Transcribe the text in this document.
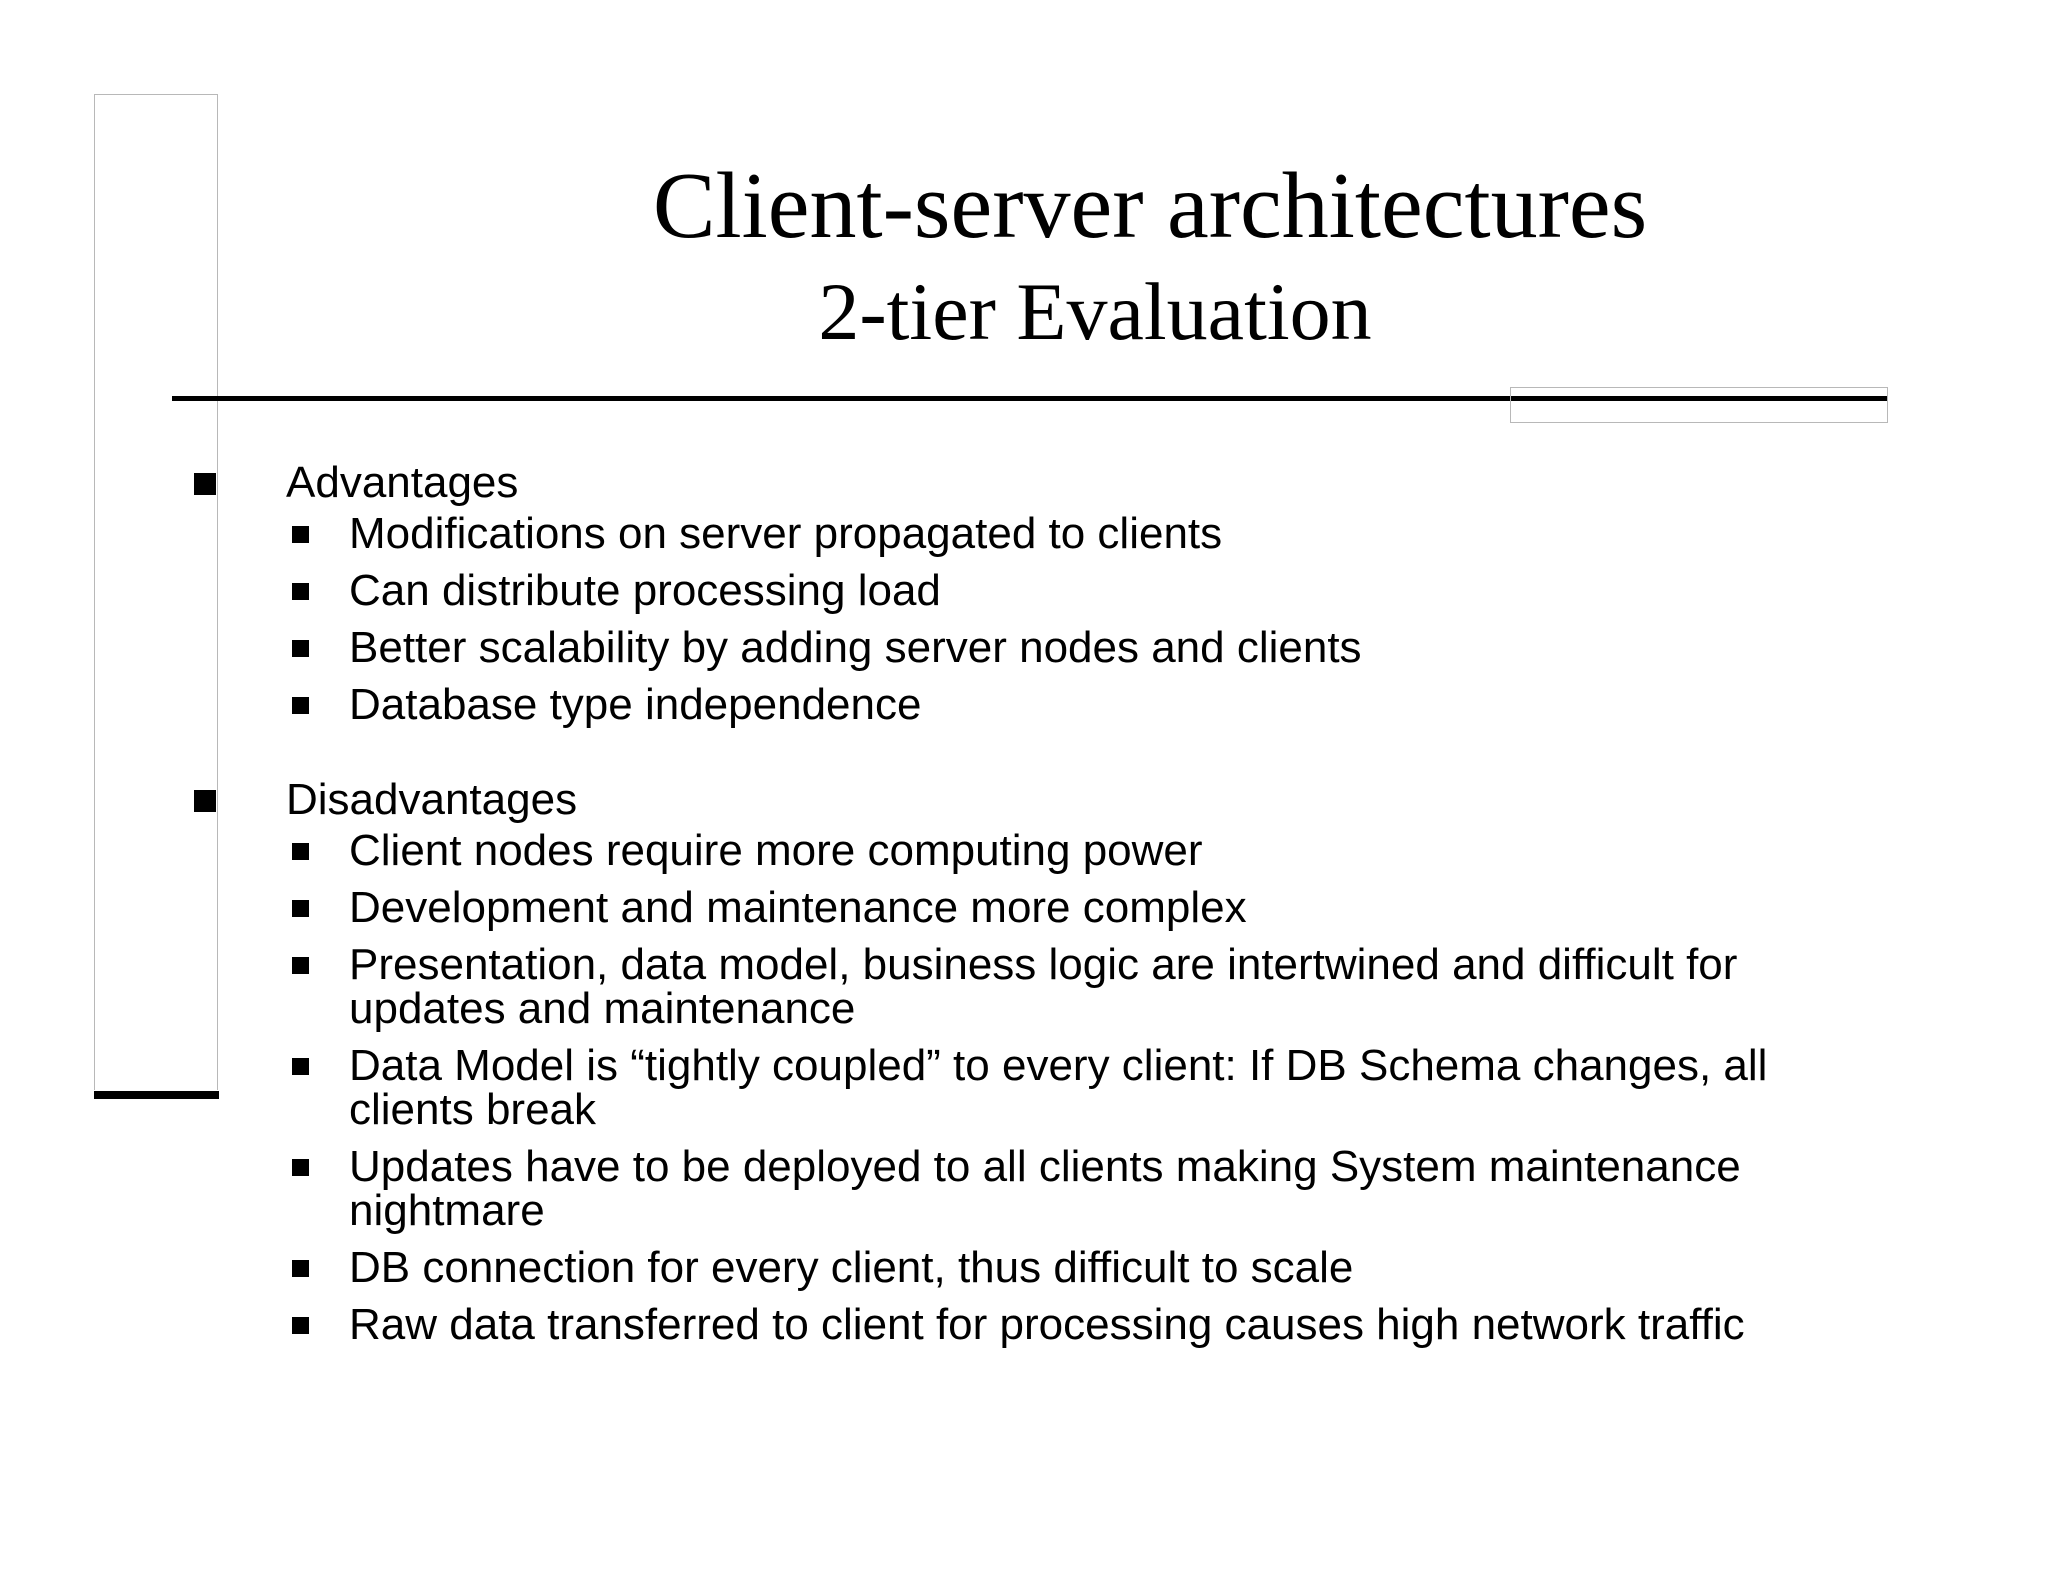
Client-server architectures
2-tier Evaluation
Advantages
Modifications on server propagated to clients
Can distribute processing load
Better scalability by adding server nodes and clients
Database type independence
Disadvantages
Client nodes require more computing power
Development and maintenance more complex
Presentation, data model, business logic are intertwined and difficult for updates and maintenance
Data Model is “tightly coupled” to every client: If DB Schema changes, all clients break
Updates have to be deployed to all clients making System maintenance nightmare
DB connection for every client, thus difficult to scale
Raw data transferred to client for processing causes high network traffic
